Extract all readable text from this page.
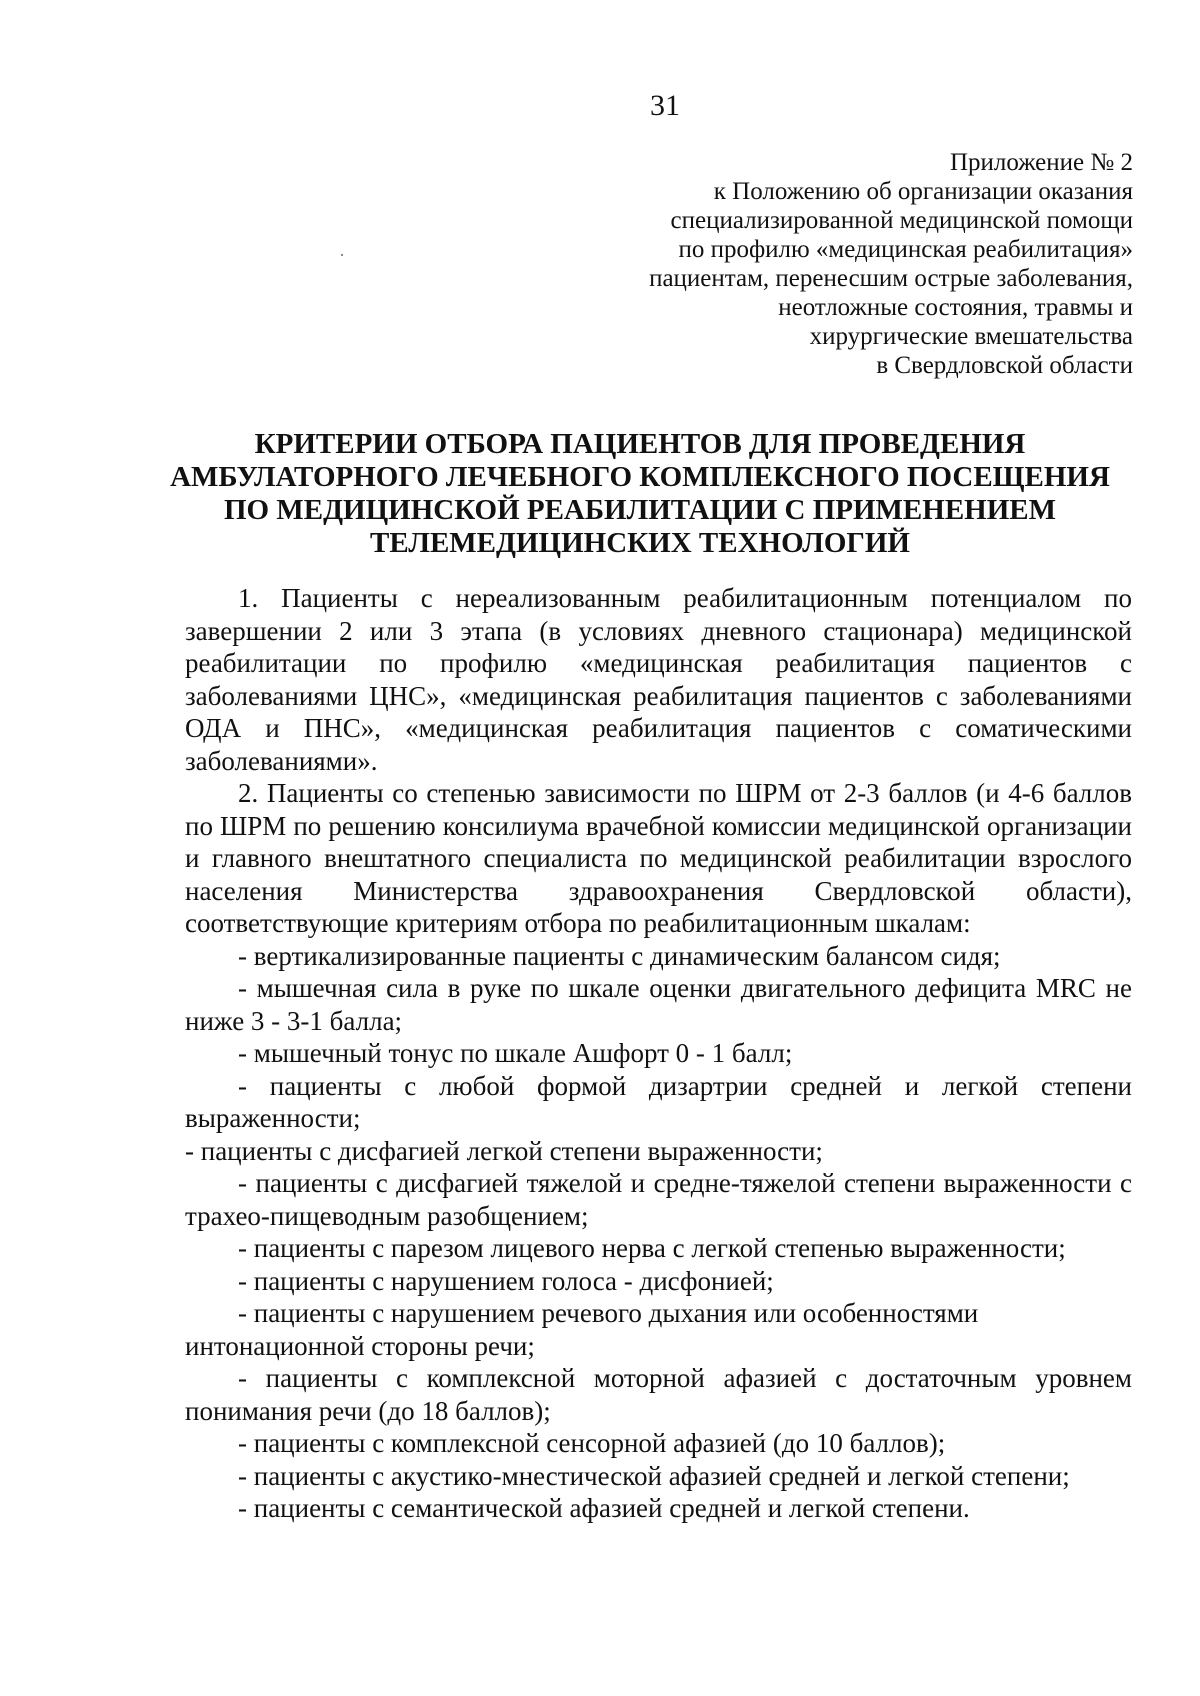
31
Приложение № 2
к Положению об организации оказания
специализированной медицинской помощи
по профилю «медицинская реабилитация»
пациентам, перенесшим острые заболевания,
неотложные состояния, травмы и
хирургические вмешательства
в Свердловской области
КРИТЕРИИ ОТБОРА ПАЦИЕНТОВ ДЛЯ ПРОВЕДЕНИЯ
АМБУЛАТОРНОГО ЛЕЧЕБНОГО КОМПЛЕКСНОГО ПОСЕЩЕНИЯ
ПО МЕДИЦИНСКОЙ РЕАБИЛИТАЦИИ С ПРИМЕНЕНИЕМ
ТЕЛЕМЕДИЦИНСКИХ ТЕХНОЛОГИЙ

1. Пациенты с нереализованным реабилитационным потенциалом по завершении 2 или 3 этапа (в условиях дневного стационара) медицинской реабилитации по профилю «медицинская реабилитация пациентов с заболеваниями ЦНС», «медицинская реабилитация пациентов с заболеваниями ОДА и ПНС», «медицинская реабилитация пациентов с соматическими заболеваниями».

2. Пациенты со степенью зависимости по ШРМ от 2-3 баллов (и 4-6 баллов по ШРМ по решению консилиума врачебной комиссии медицинской организации и главного внештатного специалиста по медицинской реабилитации взрослого населения Министерства здравоохранения Свердловской области), соответствующие критериям отбора по реабилитационным шкалам:

- вертикализированные пациенты с динамическим балансом сидя;

- мышечная сила в руке по шкале оценки двигательного дефицита MRC не ниже 3 - 3-1 балла;

- мышечный тонус по шкале Ашфорт 0 - 1 балл;

- пациенты с любой формой дизартрии средней и легкой степени выраженности;

- пациенты с дисфагией легкой степени выраженности;

- пациенты с дисфагией тяжелой и средне-тяжелой степени выраженности с трахео-пищеводным разобщением;

- пациенты с парезом лицевого нерва с легкой степенью выраженности;

- пациенты с нарушением голоса - дисфонией;

- пациенты с нарушением речевого дыхания или особенностями интонационной стороны речи;

- пациенты с комплексной моторной афазией с достаточным уровнем понимания речи (до 18 баллов);

- пациенты с комплексной сенсорной афазией (до 10 баллов);

- пациенты с акустико-мнестической афазией средней и легкой степени;

- пациенты с семантической афазией средней и легкой степени.
